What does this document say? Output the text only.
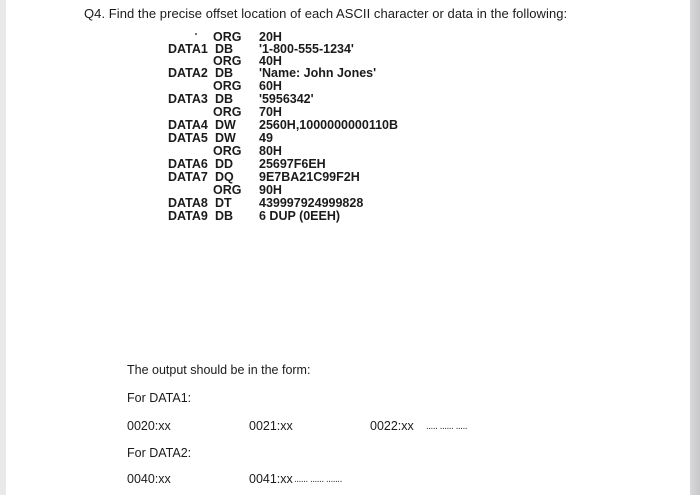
Q4. Find the precise offset location of each ASCII character or data in the following:
ORG 20H
DATA1 DB '1-800-555-1234'
ORG 40H
DATA2 DB 'Name: John Jones'
ORG 60H
DATA3 DB '5956342'
ORG 70H
DATA4 DW 2560H,1000000000110B
DATA5 DW 49
ORG 80H
DATA6 DD 25697F6EH
DATA7 DQ 9E7BA21C99F2H
ORG 90H
DATA8 DT 439997924999828
DATA9 DB 6 DUP (0EEH)
The output should be in the form:
For DATA1:
0020:xx	0021:xx	0022:xx ..... ...... .....
For DATA2:
0040:xx	0041:xx ...... ...... .......
